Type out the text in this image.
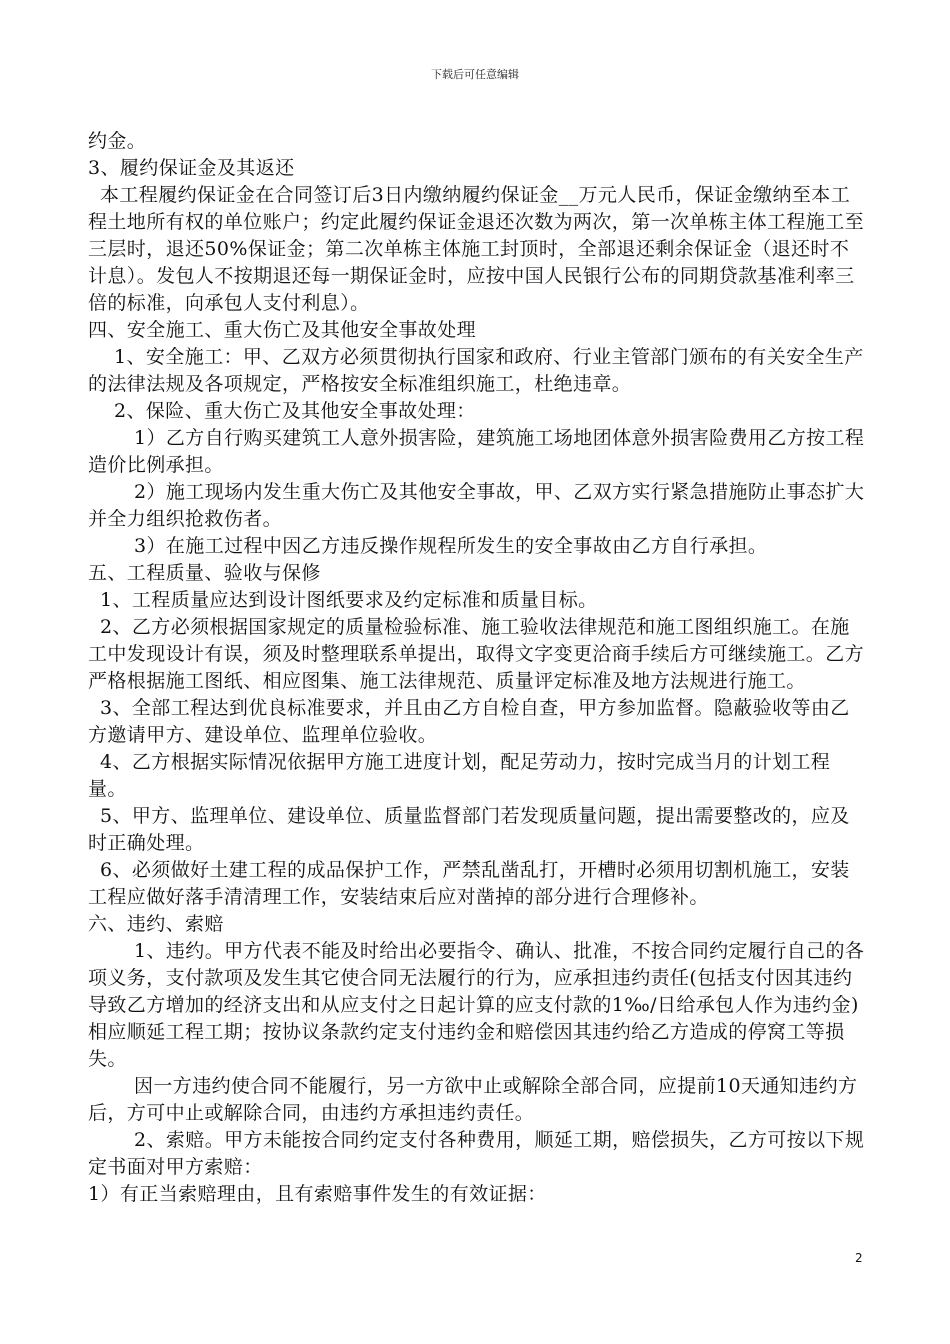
下载后可任意编辑

约金。

3、履约保证金及其返还

本工程履约保证金在合同签订后3日内缴纳履约保证金__万元人民币，保证金缴纳至本工程土地所有权的单位账户；约定此履约保证金退还次数为两次，第一次单栋主体工程施工至三层时，退还50%保证金；第二次单栋主体施工封顶时，全部退还剩余保证金（退还时不计息）。发包人不按期退还每一期保证金时，应按中国人民银行公布的同期贷款基准利率三倍的标准，向承包人支付利息）。

四、安全施工、重大伤亡及其他安全事故处理

1、安全施工：甲、乙双方必须贯彻执行国家和政府、行业主管部门颁布的有关安全生产的法律法规及各项规定，严格按安全标准组织施工，杜绝违章。

2、保险、重大伤亡及其他安全事故处理：

1）乙方自行购买建筑工人意外损害险，建筑施工场地团体意外损害险费用乙方按工程造价比例承担。

2）施工现场内发生重大伤亡及其他安全事故，甲、乙双方实行紧急措施防止事态扩大并全力组织抢救伤者。

3）在施工过程中因乙方违反操作规程所发生的安全事故由乙方自行承担。

五、工程质量、验收与保修

1、工程质量应达到设计图纸要求及约定标准和质量目标。

2、乙方必须根据国家规定的质量检验标准、施工验收法律规范和施工图组织施工。在施工中发现设计有误，须及时整理联系单提出，取得文字变更洽商手续后方可继续施工。乙方严格根据施工图纸、相应图集、施工法律规范、质量评定标准及地方法规进行施工。

3、全部工程达到优良标准要求，并且由乙方自检自查，甲方参加监督。隐蔽验收等由乙方邀请甲方、建设单位、监理单位验收。

4、乙方根据实际情况依据甲方施工进度计划，配足劳动力，按时完成当月的计划工程量。

5、甲方、监理单位、建设单位、质量监督部门若发现质量问题，提出需要整改的，应及时正确处理。

6、必须做好土建工程的成品保护工作，严禁乱凿乱打，开槽时必须用切割机施工，安装工程应做好落手清清理工作，安装结束后应对凿掉的部分进行合理修补。

六、违约、索赔

1、违约。甲方代表不能及时给出必要指令、确认、批准，不按合同约定履行自己的各项义务，支付款项及发生其它使合同无法履行的行为，应承担违约责任(包括支付因其违约导致乙方增加的经济支出和从应支付之日起计算的应支付款的1‰/日给承包人作为违约金)相应顺延工程工期；按协议条款约定支付违约金和赔偿因其违约给乙方造成的停窝工等损失。

因一方违约使合同不能履行，另一方欲中止或解除全部合同，应提前10天通知违约方后，方可中止或解除合同，由违约方承担违约责任。

2、索赔。甲方未能按合同约定支付各种费用，顺延工期，赔偿损失，乙方可按以下规定书面对甲方索赔：

1）有正当索赔理由，且有索赔事件发生的有效证据：

2
